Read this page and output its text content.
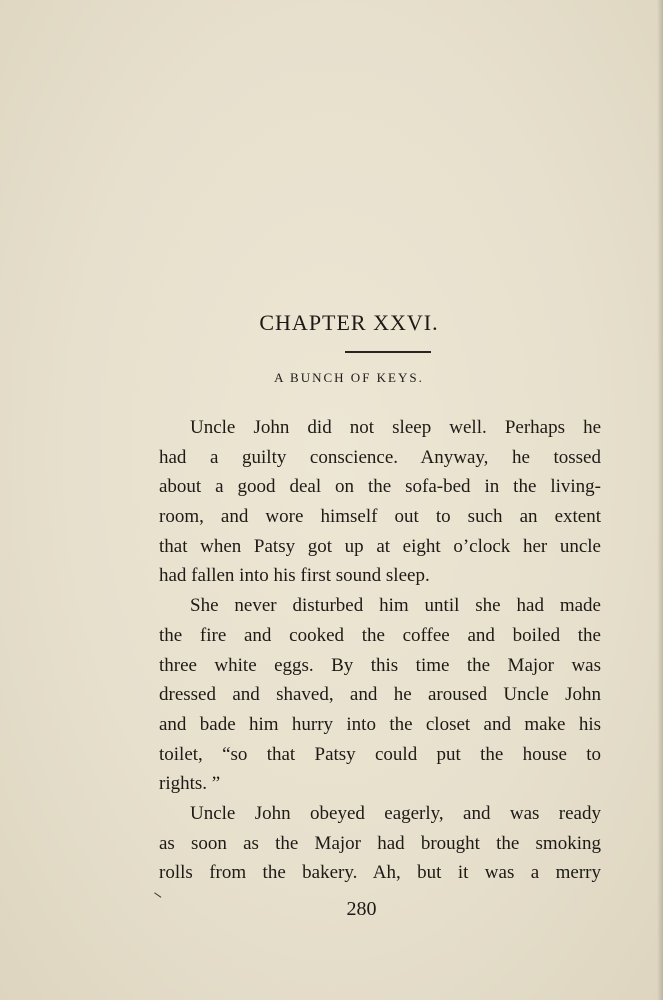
CHAPTER XXVI.
A BUNCH OF KEYS.
Uncle John did not sleep well. Perhaps he
had a guilty conscience. Anyway, he tossed
about a good deal on the sofa-bed in the living-
room, and wore himself out to such an extent
that when Patsy got up at eight o’clock her uncle
had fallen into his first sound sleep.
She never disturbed him until she had made
the fire and cooked the coffee and boiled the
three white eggs. By this time the Major was
dressed and shaved, and he aroused Uncle John
and bade him hurry into the closet and make his
toilet, “so that Patsy could put the house to
rights. ”
Uncle John obeyed eagerly, and was ready
as soon as the Major had brought the smoking
rolls from the bakery. Ah, but it was a merry
280
